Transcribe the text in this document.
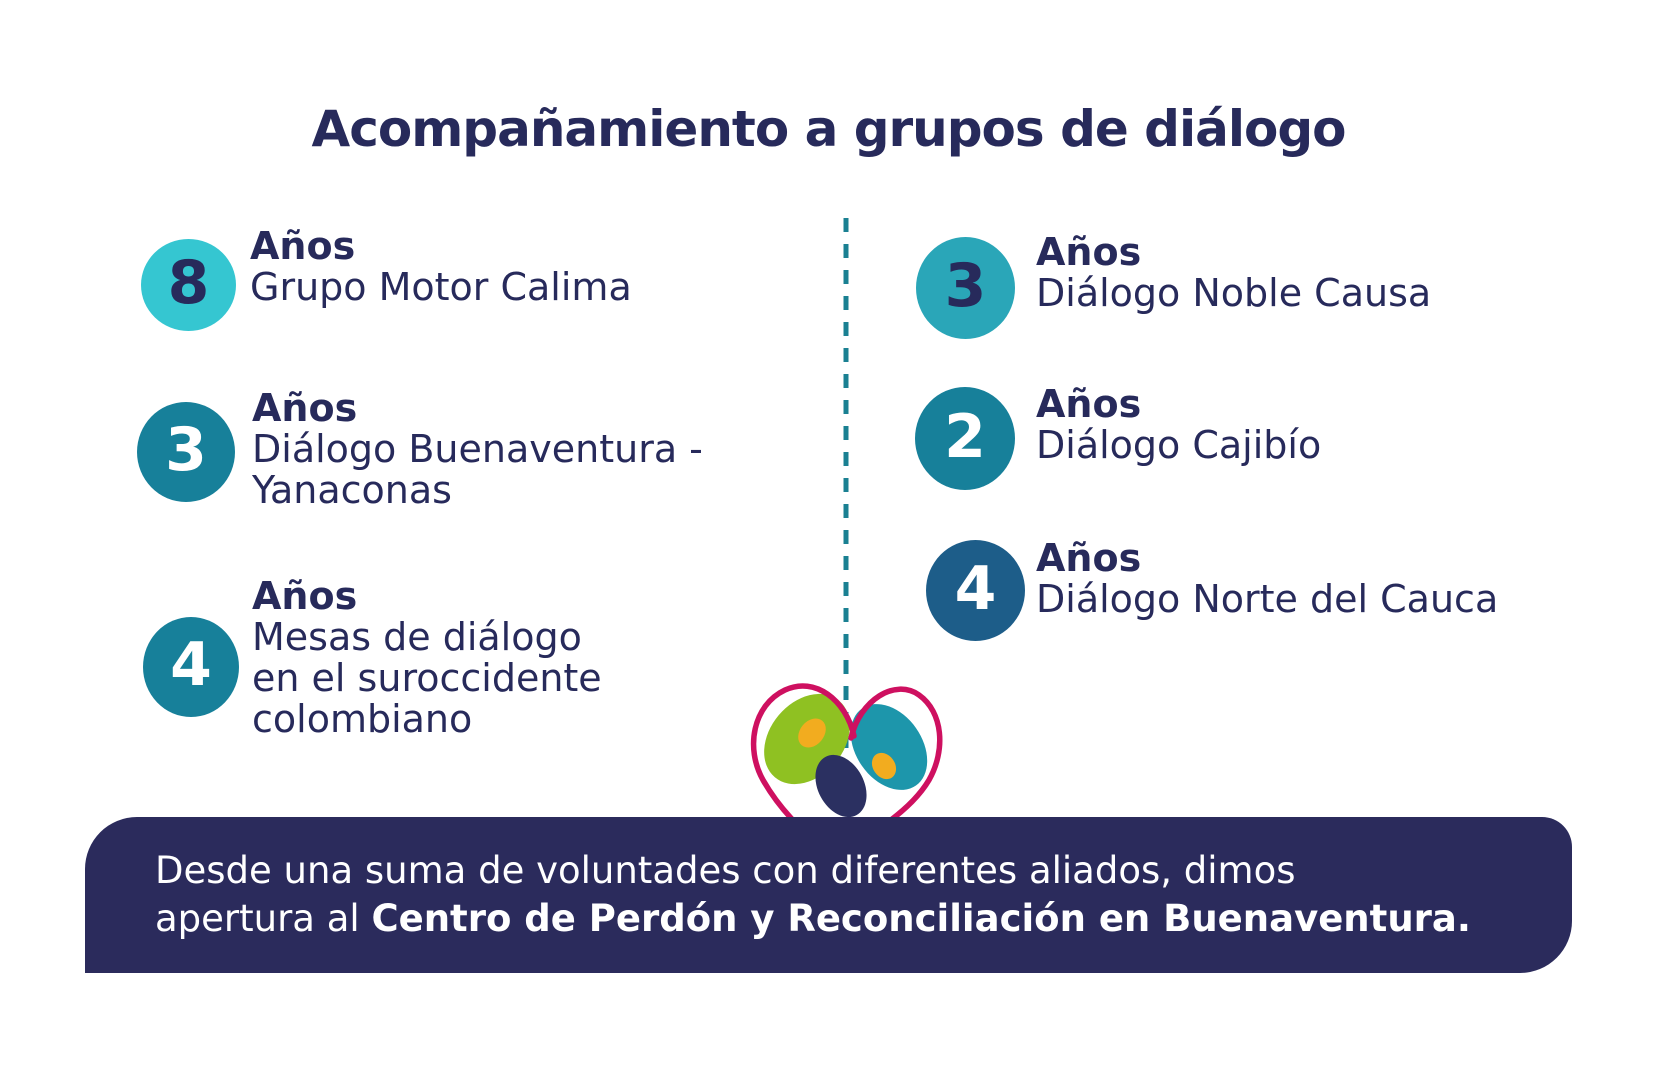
Acompañamiento a grupos de diálogo
8
Años
Grupo Motor Calima
3
Años
Diálogo Buenaventura -
Yanaconas
4
Años
Mesas de diálogo
en el suroccidente
colombiano
3 Años
Diálogo Noble Causa
2 Años
Diálogo Cajibío
4 Años
Diálogo Norte del Cauca
Desde una suma de voluntades con diferentes aliados, dimos
apertura al Centro de Perdón y Reconciliación en Buenaventura.
